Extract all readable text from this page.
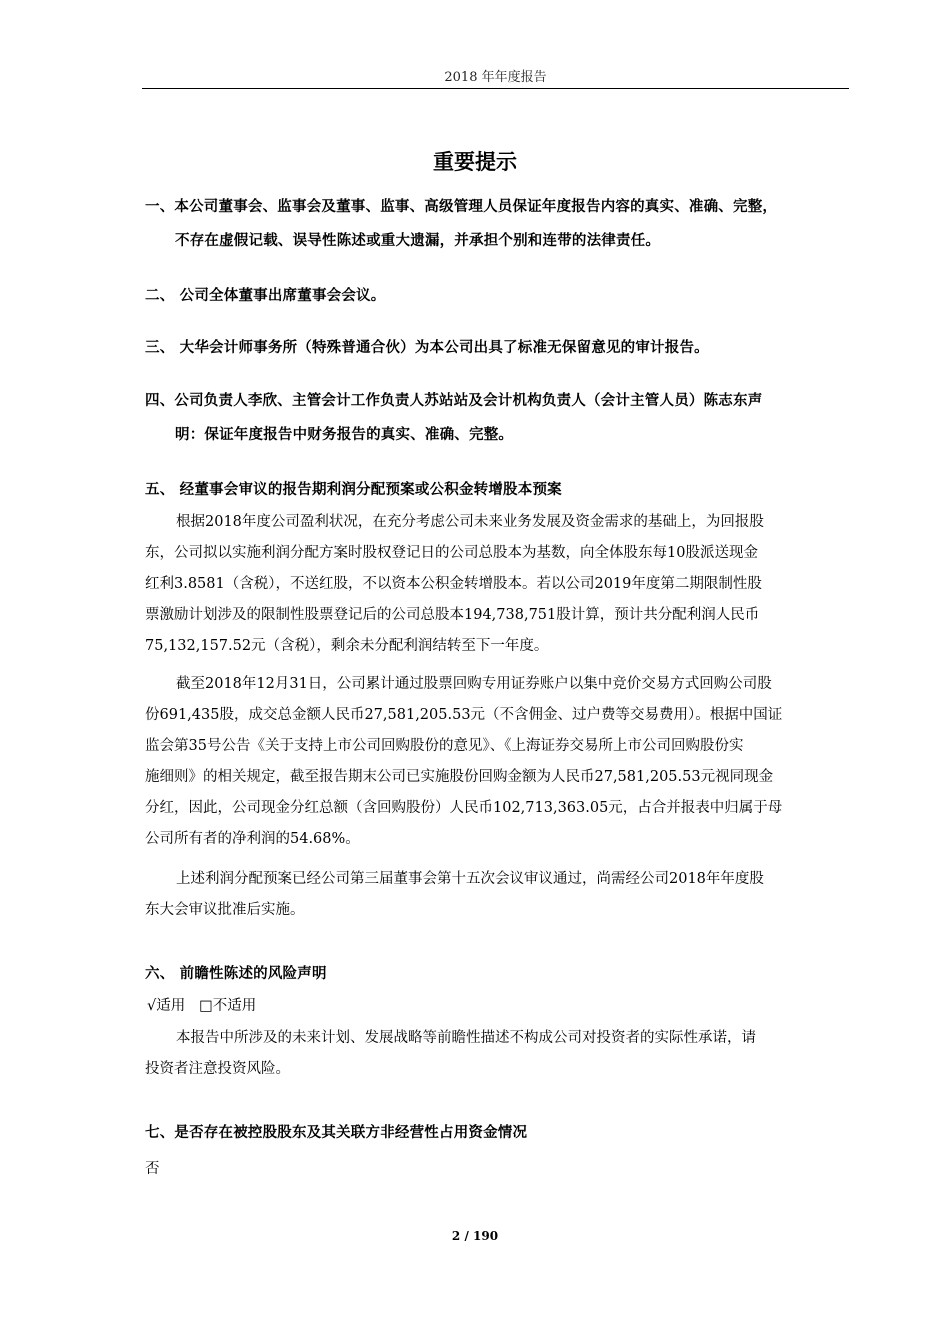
2018 年年度报告
重要提示
一、本公司董事会、监事会及董事、监事、高级管理人员保证年度报告内容的真实、准确、完整，
不存在虚假记载、误导性陈述或重大遗漏，并承担个别和连带的法律责任。
二、 公司全体董事出席董事会会议。
三、 大华会计师事务所（特殊普通合伙）为本公司出具了标准无保留意见的审计报告。
四、公司负责人李欣、主管会计工作负责人苏站站及会计机构负责人（会计主管人员）陈志东声
明：保证年度报告中财务报告的真实、准确、完整。
五、 经董事会审议的报告期利润分配预案或公积金转增股本预案
根据2018年度公司盈利状况，在充分考虑公司未来业务发展及资金需求的基础上，为回报股
东，公司拟以实施利润分配方案时股权登记日的公司总股本为基数，向全体股东每10股派送现金
红利3.8581（含税），不送红股，不以资本公积金转增股本。若以公司2019年度第二期限制性股
票激励计划涉及的限制性股票登记后的公司总股本194,738,751股计算，预计共分配利润人民币
75,132,157.52元（含税），剩余未分配利润结转至下一年度。
截至2018年12月31日，公司累计通过股票回购专用证券账户以集中竞价交易方式回购公司股
份691,435股，成交总金额人民币27,581,205.53元（不含佣金、过户费等交易费用）。根据中国证
监会第35号公告《关于支持上市公司回购股份的意见》、《上海证券交易所上市公司回购股份实
施细则》的相关规定，截至报告期末公司已实施股份回购金额为人民币27,581,205.53元视同现金
分红，因此，公司现金分红总额（含回购股份）人民币102,713,363.05元，占合并报表中归属于母
公司所有者的净利润的54.68%。
上述利润分配预案已经公司第三届董事会第十五次会议审议通过，尚需经公司2018年年度股
东大会审议批准后实施。
六、 前瞻性陈述的风险声明
√适用 □不适用
本报告中所涉及的未来计划、发展战略等前瞻性描述不构成公司对投资者的实际性承诺，请
投资者注意投资风险。
七、是否存在被控股股东及其关联方非经营性占用资金情况
否
2 / 190
